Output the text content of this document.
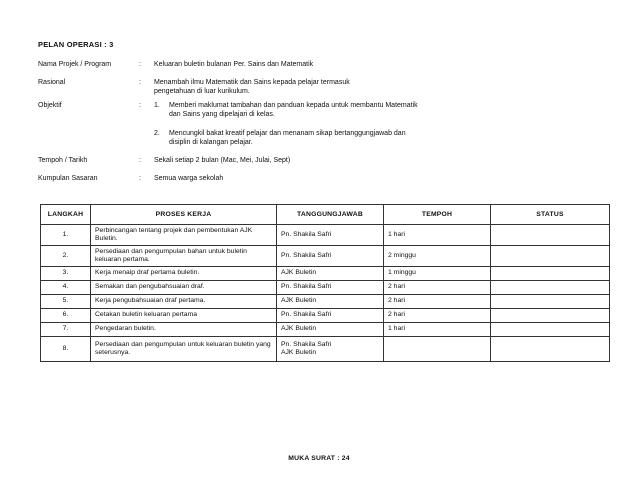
PELAN OPERASI : 3
Nama Projek / Program	: Keluaran buletin bulanan Per. Sains dan Matematik
Rasional	: Menambah ilmu Matematik dan Sains kepada pelajar termasuk pengetahuan di luar kurikulum.
Objektif	: 1. Memberi maklumat tambahan dan panduan kepada untuk membantu Matematik dan Sains yang dipelajari di kelas.
2. Mencungkil bakat kreatif pelajar dan menanam sikap bertanggungjawab dan disiplin di kalangan pelajar.
Tempoh / Tarikh	: Sekali setiap 2 bulan (Mac, Mei, Julai, Sept)
Kumpulan Sasaran	: Semua warga sekolah
LANGKAH	PROSES KERJA	TANGGUNGJAWAB	TEMPOH	STATUS
1.	Perbincangan tentang projek dan pembentukan AJK Buletin.	Pn. Shakila Safri	1 hari	
2.	Persediaan dan pengumpulan bahan untuk buletin keluaran pertama.	Pn. Shakila Safri	2 minggu	
3.	Kerja menaip draf pertama buletin.	AJK Buletin	1 minggu	
4.	Semakan dan pengubahsuaian draf.	Pn. Shakila Safri	2 hari	
5.	Kerja pengubahsuaian draf pertama.	AJK Buletin	2 hari	
6.	Cetakan buletin keluaran pertama	Pn. Shakila Safri	2 hari	
7.	Pengedaran buletin.	AJK Buletin	1 hari	
8.	Persediaan dan pengumpulan untuk keluaran buletin yang seterusnya.	Pn. Shakila Safri
AJK Buletin		
MUKA SURAT : 24
